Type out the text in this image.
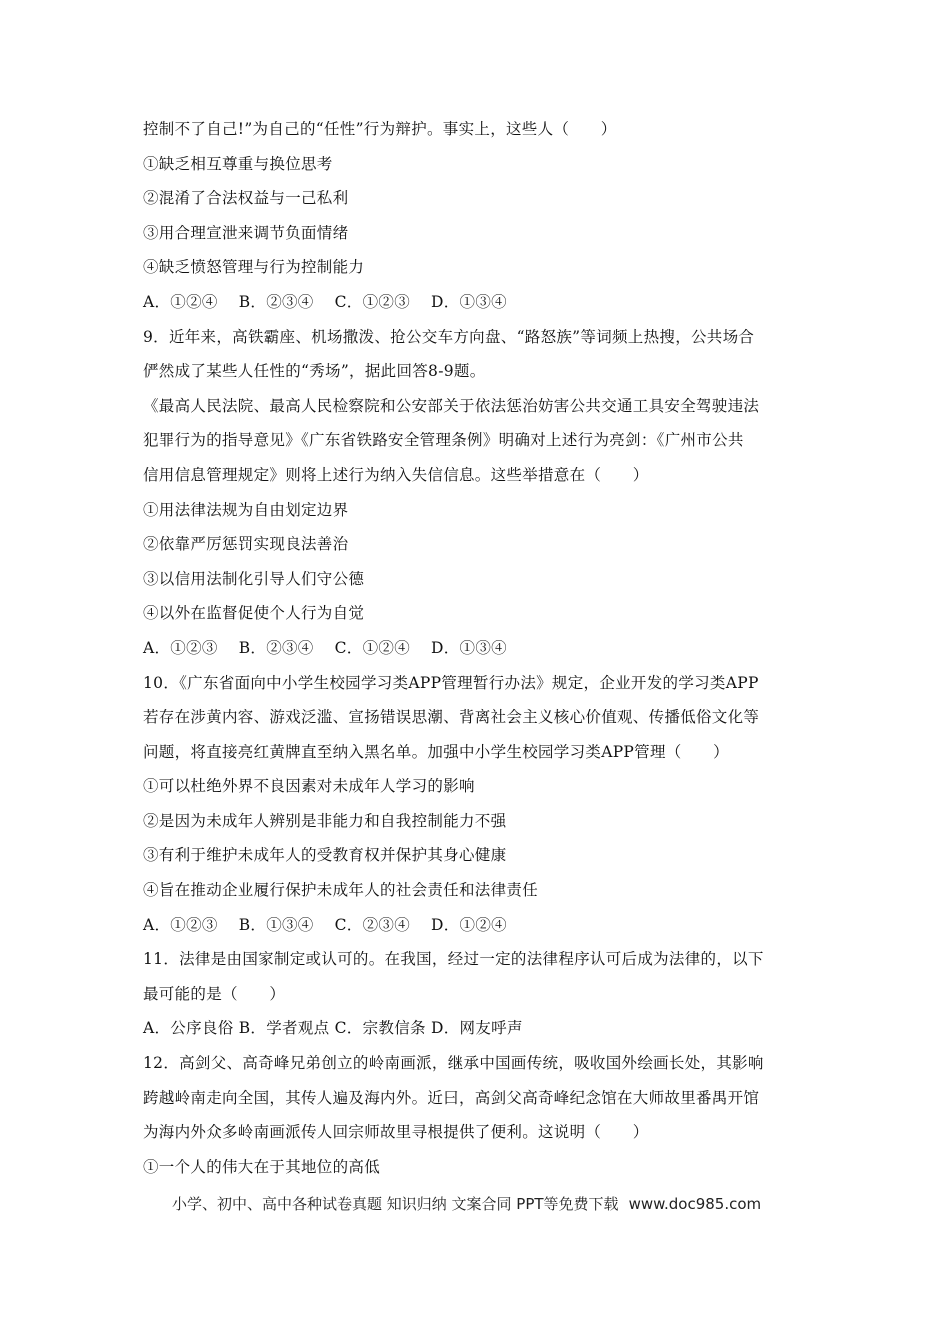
控制不了自己!”为自己的“任性”行为辩护。事实上，这些人（　　）
①缺乏相互尊重与换位思考
②混淆了合法权益与一己私利
③用合理宣泄来调节负面情绪
④缺乏愤怒管理与行为控制能力
A．①②④　 B．②③④　 C．①②③　 D．①③④
9．近年来，高铁霸座、机场撒泼、抢公交车方向盘、“路怒族”等词频上热搜，公共场合
俨然成了某些人任性的“秀场”，据此回答8-9题。
《最高人民法院、最高人民检察院和公安部关于依法惩治妨害公共交通工具安全驾驶违法
犯罪行为的指导意见》《广东省铁路安全管理条例》明确对上述行为亮剑：《广州市公共
信用信息管理规定》则将上述行为纳入失信信息。这些举措意在（　　）
①用法律法规为自由划定边界
②依靠严厉惩罚实现良法善治
③以信用法制化引导人们守公德
④以外在监督促使个人行为自觉
A．①②③　 B．②③④　 C．①②④　 D．①③④
10．《广东省面向中小学生校园学习类APP管理暂行办法》规定，企业开发的学习类APP
若存在涉黄内容、游戏泛滥、宣扬错误思潮、背离社会主义核心价值观、传播低俗文化等
问题，将直接亮红黄牌直至纳入黑名单。加强中小学生校园学习类APP管理（　　）
①可以杜绝外界不良因素对未成年人学习的影响
②是因为未成年人辨别是非能力和自我控制能力不强
③有利于维护未成年人的受教育权并保护其身心健康
④旨在推动企业履行保护未成年人的社会责任和法律责任
A．①②③　 B．①③④　 C．②③④　 D．①②④
11．法律是由国家制定或认可的。在我国，经过一定的法律程序认可后成为法律的，以下
最可能的是（　　）
A．公序良俗 B．学者观点 C．宗教信条 D．网友呼声
12．高剑父、高奇峰兄弟创立的岭南画派，继承中国画传统，吸收国外绘画长处，其影响
跨越岭南走向全国，其传人遍及海内外。近曰，高剑父高奇峰纪念馆在大师故里番禺开馆
为海内外众多岭南画派传人回宗师故里寻根提供了便利。这说明（　　）
①一个人的伟大在于其地位的高低
小学、初中、高中各种试卷真题 知识归纳 文案合同 PPT等免费下载 www.doc985.com
